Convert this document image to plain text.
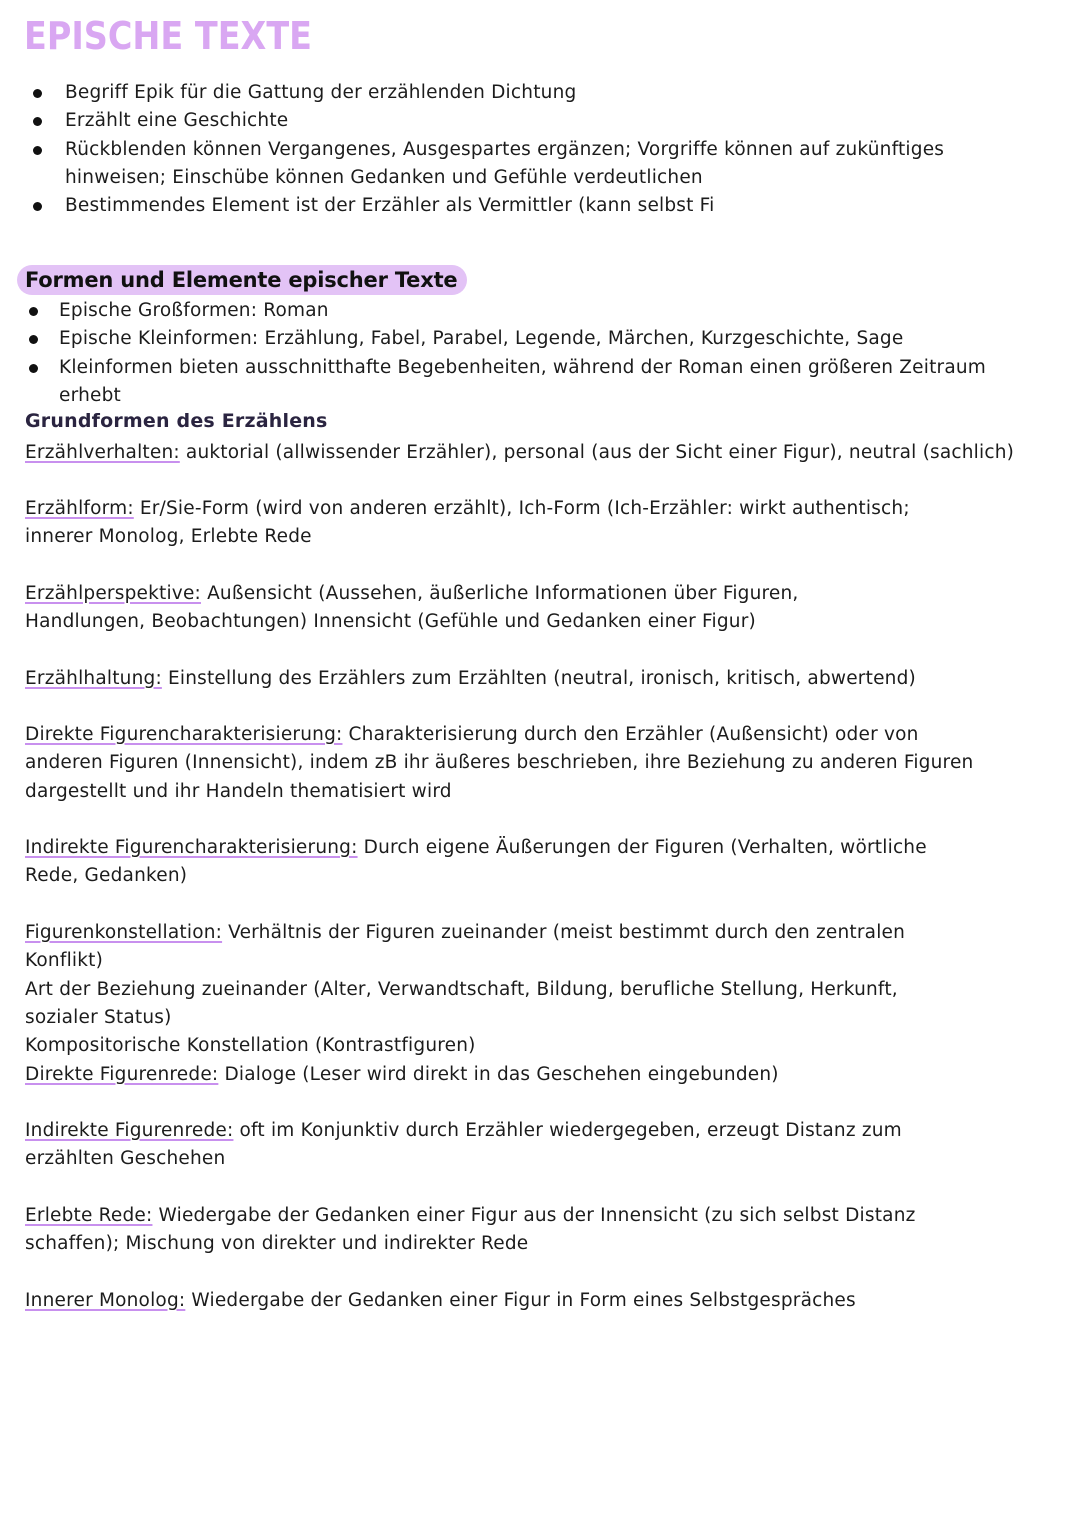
EPISCHE TEXTE
Begriff Epik für die Gattung der erzählenden Dichtung
Erzählt eine Geschichte
Rückblenden können Vergangenes, Ausgespartes ergänzen; Vorgriffe können auf zukünftiges hinweisen; Einschübe können Gedanken und Gefühle verdeutlichen
Bestimmendes Element ist der Erzähler als Vermittler (kann selbst Fi
Formen und Elemente epischer Texte
Epische Großformen: Roman
Epische Kleinformen: Erzählung, Fabel, Parabel, Legende, Märchen, Kurzgeschichte, Sage
Kleinformen bieten ausschnitthafte Begebenheiten, während der Roman einen größeren Zeitraum erhebt
Grundformen des Erzählens

Erzählverhalten: auktorial (allwissender Erzähler), personal (aus der Sicht einer Figur), neutral (sachlich)

Erzählform: Er/Sie-Form (wird von anderen erzählt), Ich-Form (Ich-Erzähler: wirkt authentisch; innerer Monolog, Erlebte Rede

Erzählperspektive: Außensicht (Aussehen, äußerliche Informationen über Figuren, Handlungen, Beobachtungen) Innensicht (Gefühle und Gedanken einer Figur)

Erzählhaltung: Einstellung des Erzählers zum Erzählten (neutral, ironisch, kritisch, abwertend)

Direkte Figurencharakterisierung: Charakterisierung durch den Erzähler (Außensicht) oder von anderen Figuren (Innensicht), indem zB ihr äußeres beschrieben, ihre Beziehung zu anderen Figuren dargestellt und ihr Handeln thematisiert wird

Indirekte Figurencharakterisierung: Durch eigene Äußerungen der Figuren (Verhalten, wörtliche Rede, Gedanken)

Figurenkonstellation: Verhältnis der Figuren zueinander (meist bestimmt durch den zentralen Konflikt)
Art der Beziehung zueinander (Alter, Verwandtschaft, Bildung, berufliche Stellung, Herkunft, sozialer Status)
Kompositorische Konstellation (Kontrastfiguren)

Direkte Figurenrede: Dialoge (Leser wird direkt in das Geschehen eingebunden)

Indirekte Figurenrede: oft im Konjunktiv durch Erzähler wiedergegeben, erzeugt Distanz zum erzählten Geschehen

Erlebte Rede: Wiedergabe der Gedanken einer Figur aus der Innensicht (zu sich selbst Distanz schaffen); Mischung von direkter und indirekter Rede

Innerer Monolog: Wiedergabe der Gedanken einer Figur in Form eines Selbstgespräches
